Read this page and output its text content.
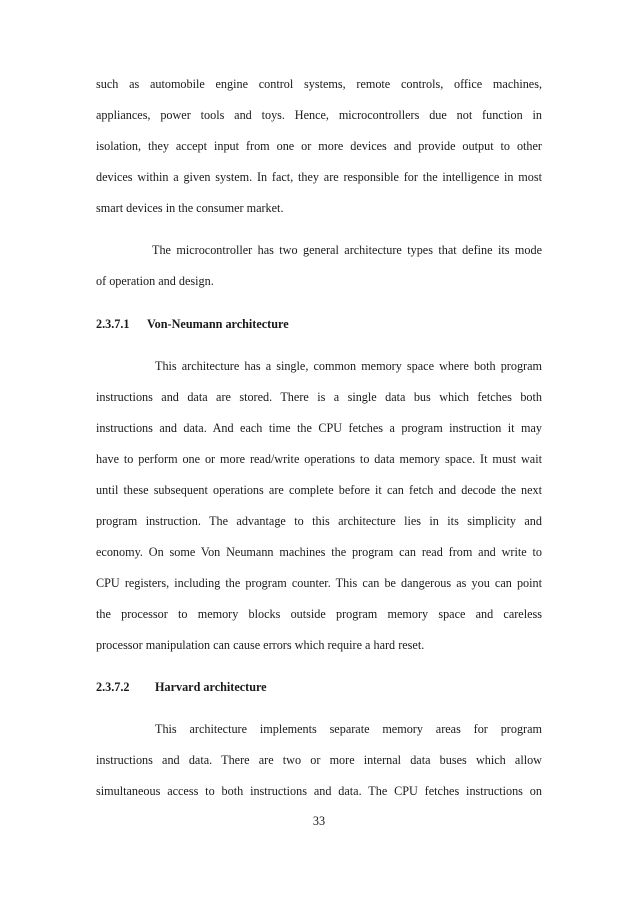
such as automobile engine control systems, remote controls, office machines,
appliances, power tools and toys. Hence, microcontrollers due not function in
isolation, they accept input from one or more devices and provide output to other
devices within a given system. In fact, they are responsible for the intelligence in most
smart devices in the consumer market.
The microcontroller has two general architecture types that define its mode
of operation and design.
2.3.7.1 Von-Neumann architecture
This architecture has a single, common memory space where both program
instructions and data are stored. There is a single data bus which fetches both
instructions and data. And each time the CPU fetches a program instruction it may
have to perform one or more read/write operations to data memory space. It must wait
until these subsequent operations are complete before it can fetch and decode the next
program instruction. The advantage to this architecture lies in its simplicity and
economy. On some Von Neumann machines the program can read from and write to
CPU registers, including the program counter. This can be dangerous as you can point
the processor to memory blocks outside program memory space and careless
processor manipulation can cause errors which require a hard reset.
2.3.7.2 Harvard architecture
This architecture implements separate memory areas for program
instructions and data. There are two or more internal data buses which allow
simultaneous access to both instructions and data. The CPU fetches instructions on
33
